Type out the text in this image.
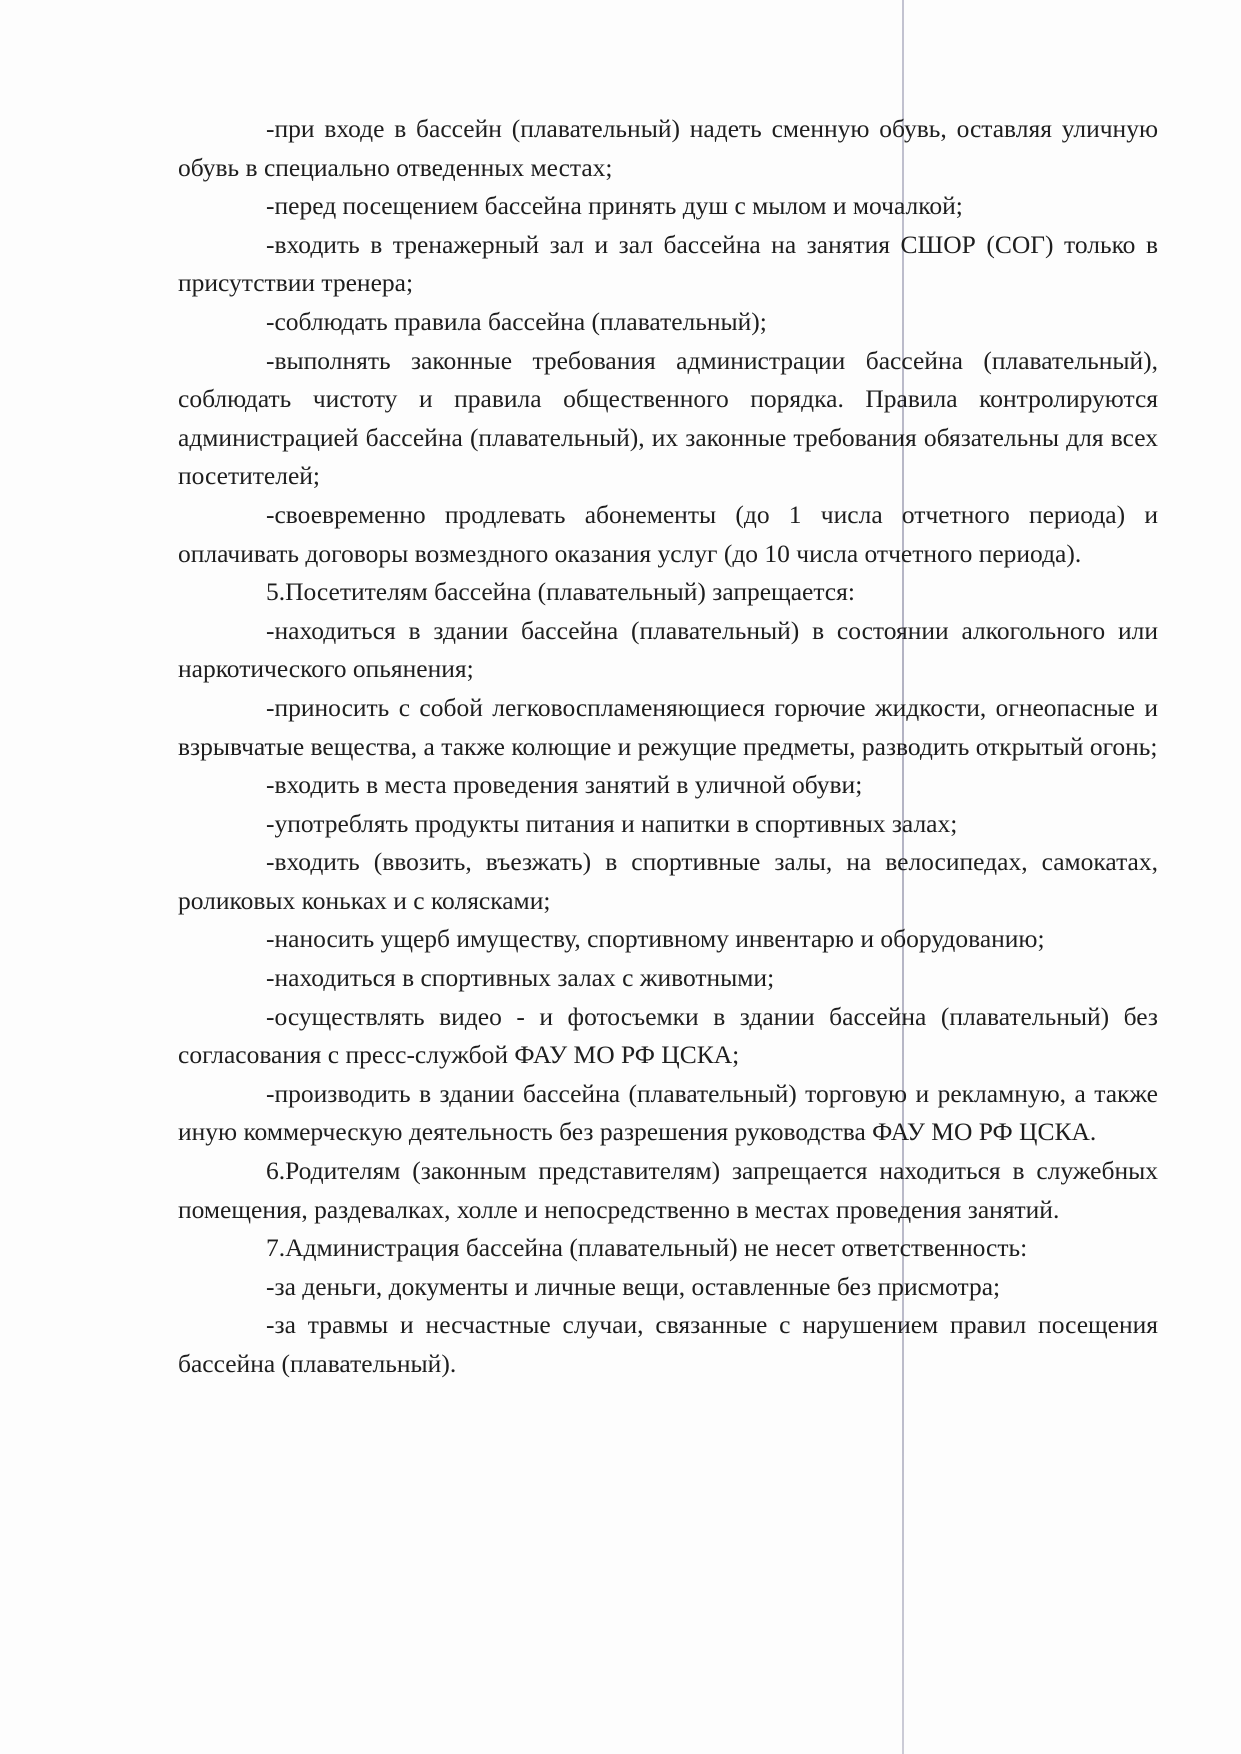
-при входе в бассейн (плавательный) надеть сменную обувь, оставляя уличную обувь в специально отведенных местах;

-перед посещением бассейна принять душ с мылом и мочалкой;

-входить в тренажерный зал и зал бассейна на занятия СШОР (СОГ) только в присутствии тренера;

-соблюдать правила бассейна (плавательный);

-выполнять законные требования администрации бассейна (плавательный), соблюдать чистоту и правила общественного порядка. Правила контролируются администрацией бассейна (плавательный), их законные требования обязательны для всех посетителей;

-своевременно продлевать абонементы (до 1 числа отчетного периода) и оплачивать договоры возмездного оказания услуг (до 10 числа отчетного периода).

5.Посетителям бассейна (плавательный) запрещается:

-находиться в здании бассейна (плавательный) в состоянии алкогольного или наркотического опьянения;

-приносить с собой легковоспламеняющиеся горючие жидкости, огнеопасные и взрывчатые вещества, а также колющие и режущие предметы, разводить открытый огонь;

-входить в места проведения занятий в уличной обуви;

-употреблять продукты питания и напитки в спортивных залах;

-входить (ввозить, въезжать) в спортивные залы, на велосипедах, самокатах, роликовых коньках и с колясками;

-наносить ущерб имуществу, спортивному инвентарю и оборудованию;

-находиться в спортивных залах с животными;

-осуществлять видео - и фотосъемки в здании бассейна (плавательный) без согласования с пресс-службой ФАУ МО РФ ЦСКА;

-производить в здании бассейна (плавательный) торговую и рекламную, а также иную коммерческую деятельность без разрешения руководства ФАУ МО РФ ЦСКА.

6.Родителям (законным представителям) запрещается находиться в служебных помещения, раздевалках, холле и непосредственно в местах проведения занятий.

7.Администрация бассейна (плавательный) не несет ответственность:

-за деньги, документы и личные вещи, оставленные без присмотра;

-за травмы и несчастные случаи, связанные с нарушением правил посещения бассейна (плавательный).
